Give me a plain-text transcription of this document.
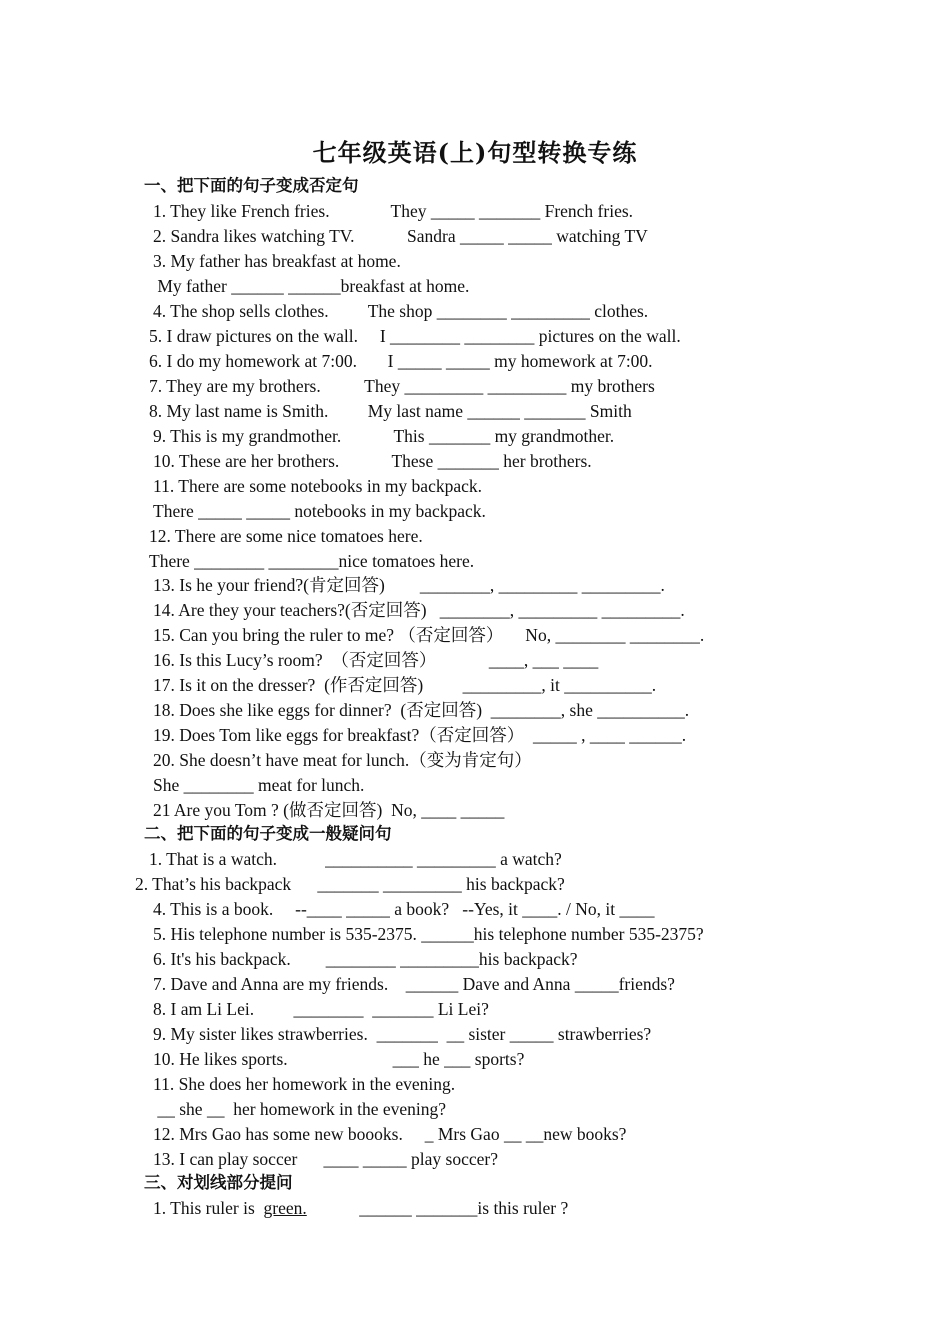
七年级英语(上)句型转换专练
一、把下面的句子变成否定句
1. They like French fries.              They _____ _______ French fries.
2. Sandra likes watching TV.            Sandra _____ _____ watching TV
3. My father has breakfast at home.
My father ______ ______breakfast at home.
4. The shop sells clothes.         The shop ________ _________ clothes.
5. I draw pictures on the wall.     I ________ ________ pictures on the wall.
6. I do my homework at 7:00.       I _____ _____ my homework at 7:00.
7. They are my brothers.          They _________ _________ my brothers
8. My last name is Smith.         My last name ______ _______ Smith
9. This is my grandmother.            This _______ my grandmother.
10. These are her brothers.            These _______ her brothers.
11. There are some notebooks in my backpack.
There _____ _____ notebooks in my backpack.
12. There are some nice tomatoes here.
There ________ ________nice tomatoes here.
13. Is he your friend?(肯定回答)        ________, _________ _________.
14. Are they your teachers?(否定回答)   ________, _________ _________.
15. Can you bring the ruler to me? （否定回答）     No, ________ ________.
16. Is this Lucy’s room?  （否定回答）            ____, ___ ____
17. Is it on the dresser?  (作否定回答)         _________, it __________.
18. Does she like eggs for dinner?  (否定回答)  ________, she __________.
19. Does Tom like eggs for breakfast?（否定回答）  _____ , ____ ______.
20. She doesn’t have meat for lunch.（变为肯定句）
She ________ meat for lunch.
21 Are you Tom ? (做否定回答)  No, ____ _____
二、把下面的句子变成一般疑问句
1. That is a watch.           __________ _________ a watch?
2. That’s his backpack      _______ _________ his backpack?
4. This is a book.     --____ _____ a book?   --Yes, it ____. / No, it ____
5. His telephone number is 535-2375. ______his telephone number 535-2375?
6. It's his backpack.        ________ _________his backpack?
7. Dave and Anna are my friends.    ______ Dave and Anna _____friends?
8. I am Li Lei.         ________  _______ Li Lei?
9. My sister likes strawberries.  _______  __ sister _____ strawberries?
10. He likes sports.                        ___ he ___ sports?
11. She does her homework in the evening.
__ she __  her homework in the evening?
12. Mrs Gao has some new boooks.     _ Mrs Gao __ __new books?
13. I can play soccer      ____ _____ play soccer?
三、对划线部分提问
1. This ruler is  green.            ______ _______is this ruler ?
